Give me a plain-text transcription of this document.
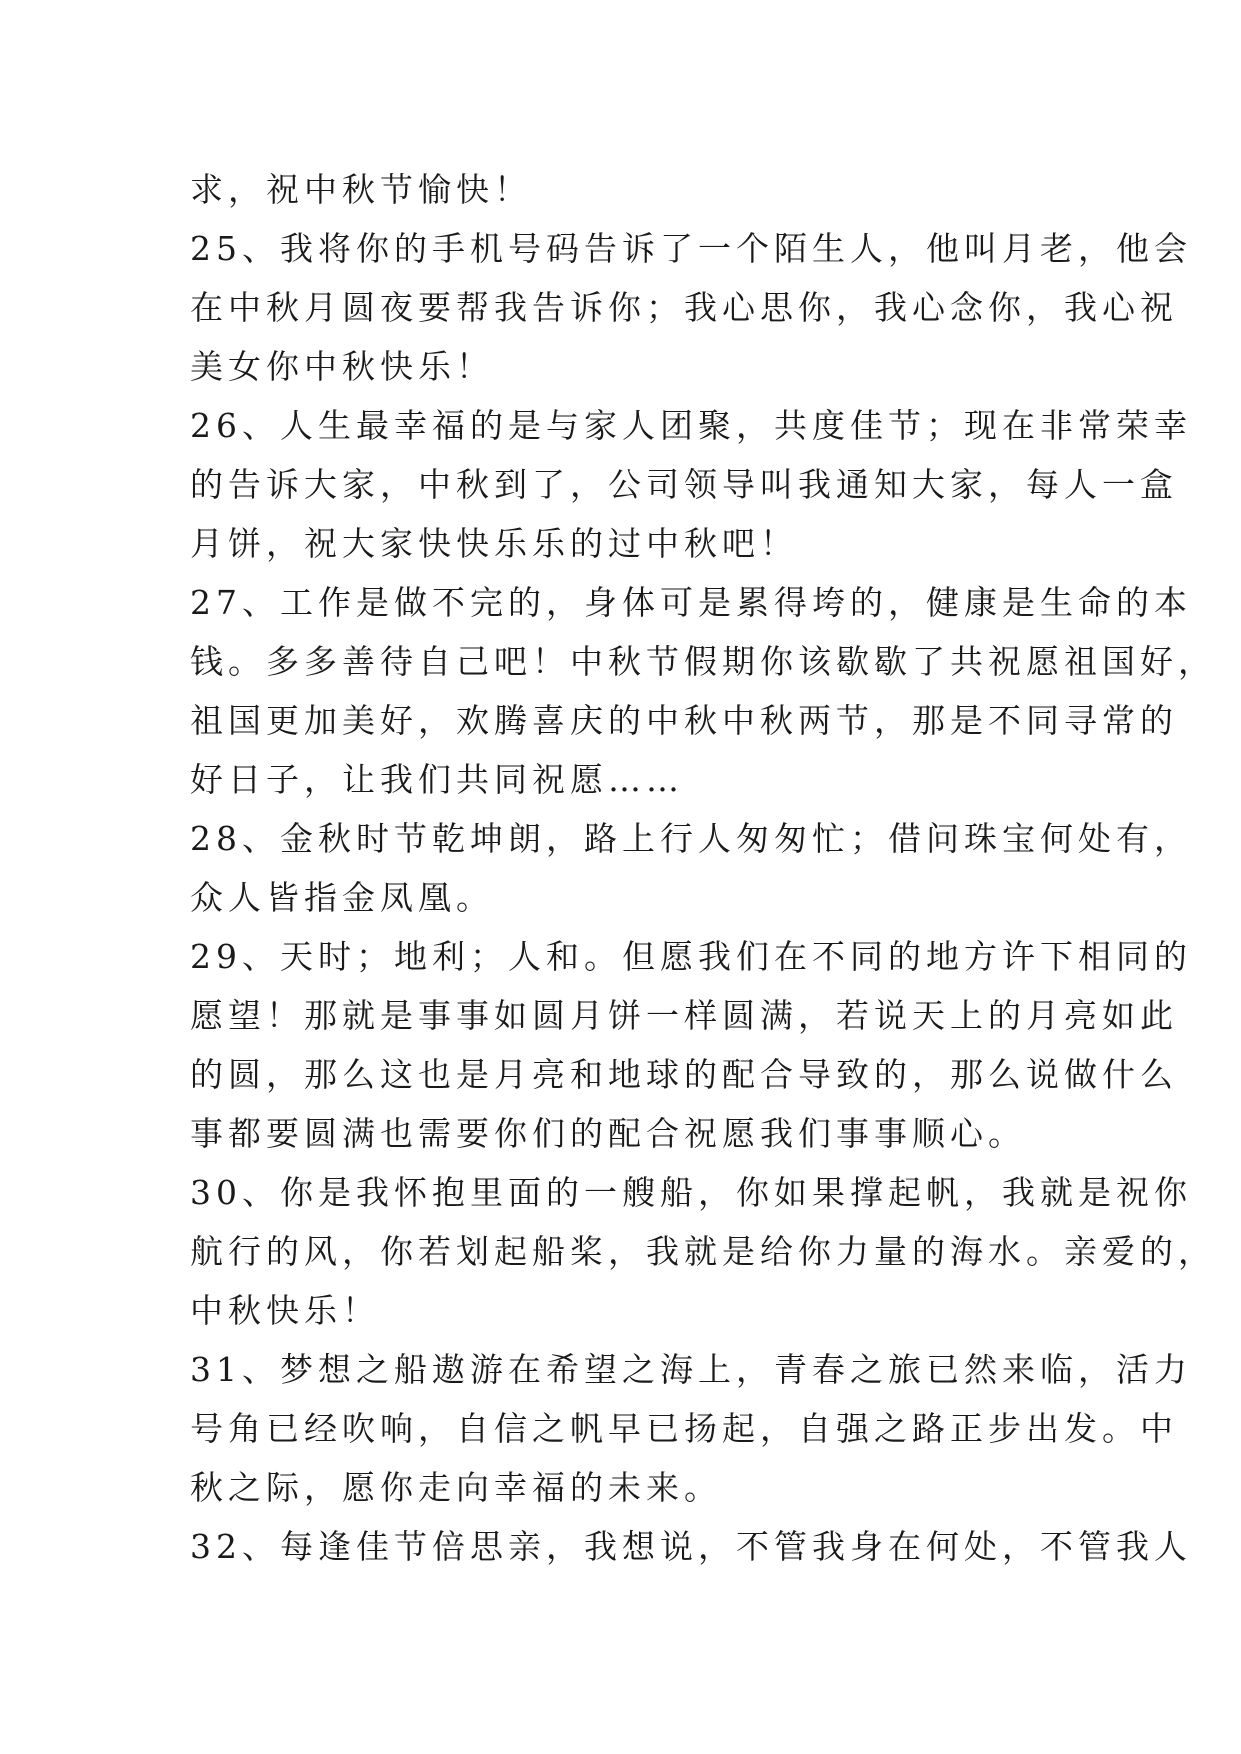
求，祝中秋节愉快！
25、我将你的手机号码告诉了一个陌生人，他叫月老，他会
在中秋月圆夜要帮我告诉你；我心思你，我心念你，我心祝
美女你中秋快乐！
26、人生最幸福的是与家人团聚，共度佳节；现在非常荣幸
的告诉大家，中秋到了，公司领导叫我通知大家，每人一盒
月饼，祝大家快快乐乐的过中秋吧！
27、工作是做不完的，身体可是累得垮的，健康是生命的本
钱。多多善待自己吧！中秋节假期你该歇歇了共祝愿祖国好，
祖国更加美好，欢腾喜庆的中秋中秋两节，那是不同寻常的
好日子，让我们共同祝愿……
28、金秋时节乾坤朗，路上行人匆匆忙；借问珠宝何处有，
众人皆指金凤凰。
29、天时；地利；人和。但愿我们在不同的地方许下相同的
愿望！那就是事事如圆月饼一样圆满，若说天上的月亮如此
的圆，那么这也是月亮和地球的配合导致的，那么说做什么
事都要圆满也需要你们的配合祝愿我们事事顺心。
30、你是我怀抱里面的一艘船，你如果撑起帆，我就是祝你
航行的风，你若划起船桨，我就是给你力量的海水。亲爱的，
中秋快乐！
31、梦想之船遨游在希望之海上，青春之旅已然来临，活力
号角已经吹响，自信之帆早已扬起，自强之路正步出发。中
秋之际，愿你走向幸福的未来。
32、每逢佳节倍思亲，我想说，不管我身在何处，不管我人
